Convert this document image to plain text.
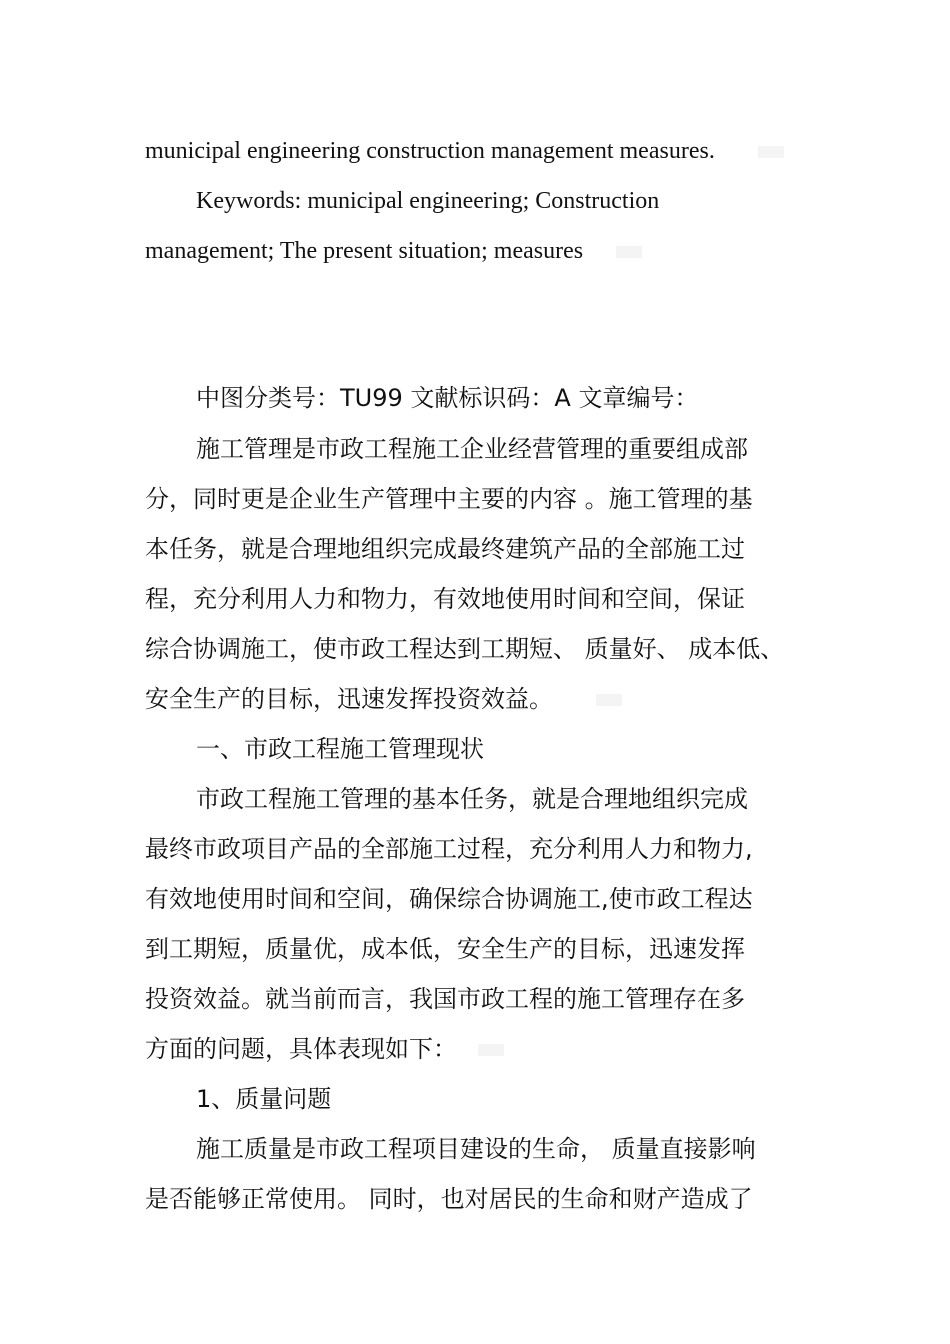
municipal engineering construction management measures.
Keywords: municipal engineering; Construction
management; The present situation; measures
中图分类号：TU99 文献标识码：A 文章编号：
施工管理是市政工程施工企业经营管理的重要组成部
分，同时更是企业生产管理中主要的内容 。施工管理的基
本任务，就是合理地组织完成最终建筑产品的全部施工过
程，充分利用人力和物力，有效地使用时间和空间，保证
综合协调施工，使市政工程达到工期短、 质量好、 成本低、
安全生产的目标，迅速发挥投资效益。
一、市政工程施工管理现状
市政工程施工管理的基本任务，就是合理地组织完成
最终市政项目产品的全部施工过程，充分利用人力和物力,
有效地使用时间和空间，确保综合协调施工,使市政工程达
到工期短，质量优，成本低，安全生产的目标，迅速发挥
投资效益。就当前而言，我国市政工程的施工管理存在多
方面的问题，具体表现如下：
1、质量问题
施工质量是市政工程项目建设的生命， 质量直接影响
是否能够正常使用。 同时，也对居民的生命和财产造成了
